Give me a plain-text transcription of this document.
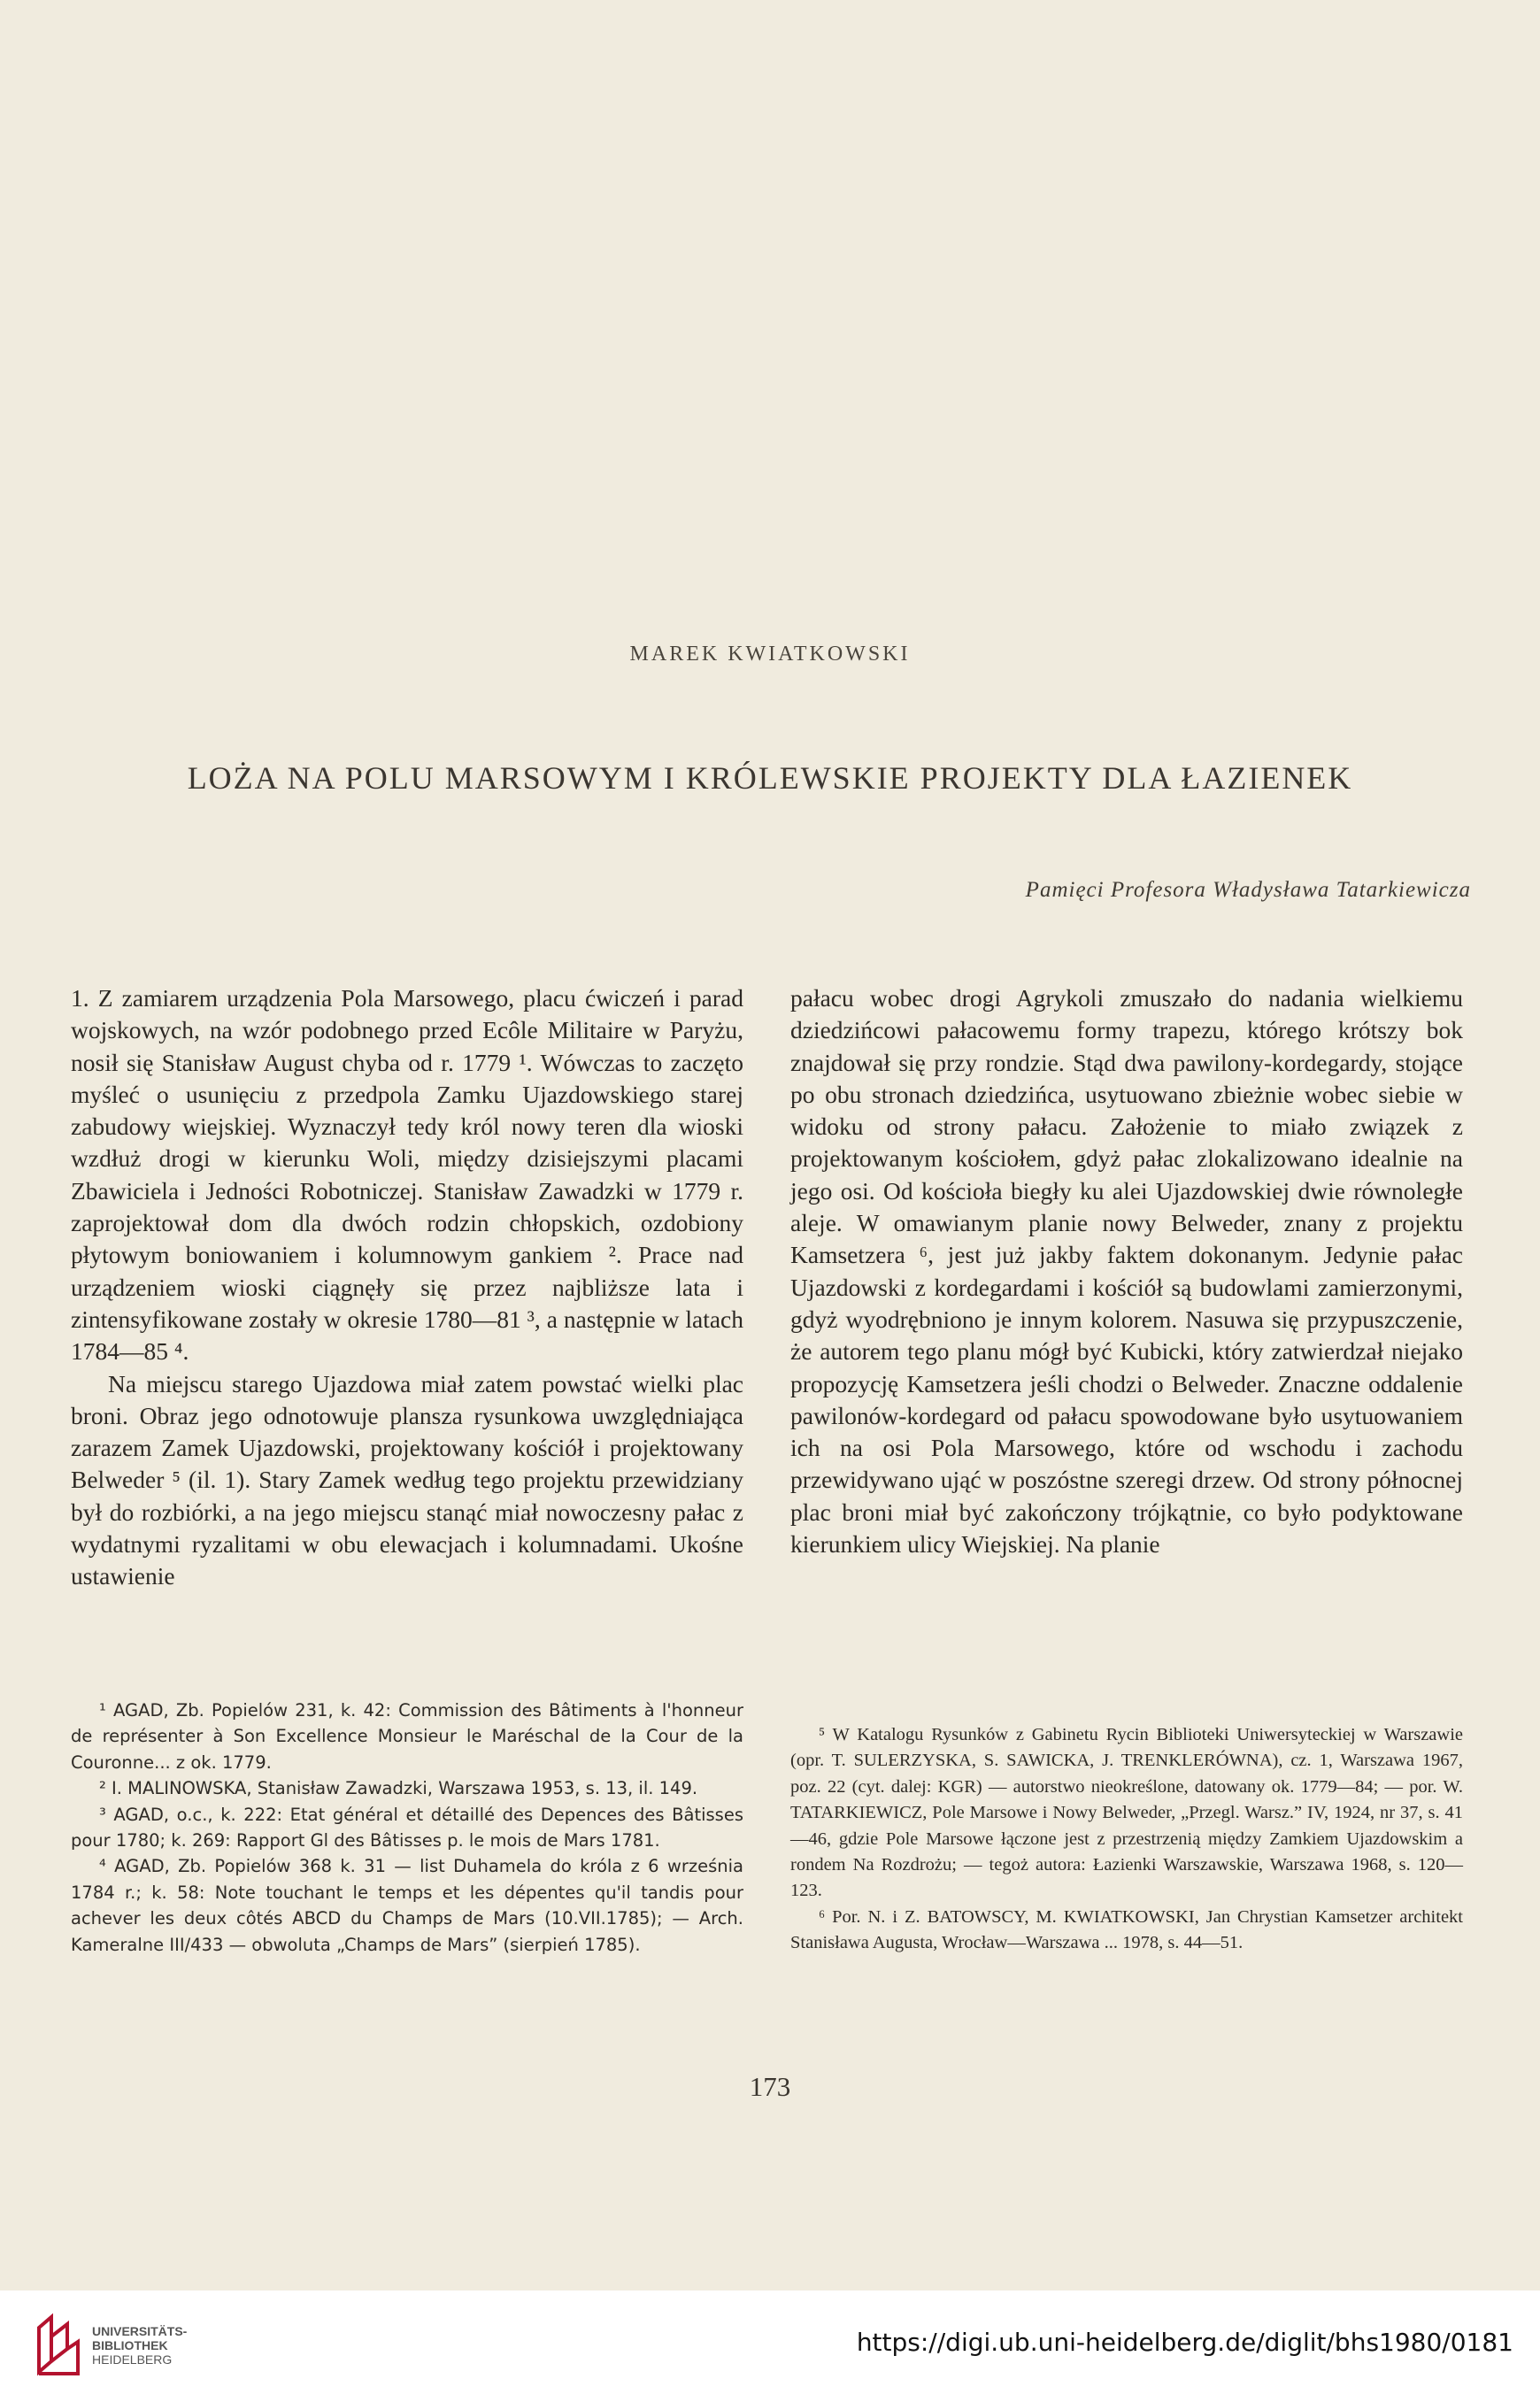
MAREK KWIATKOWSKI
LOŻA NA POLU MARSOWYM I KRÓLEWSKIE PROJEKTY DLA ŁAZIENEK
Pamięci Profesora Władysława Tatarkiewicza

1. Z zamiarem urządzenia Pola Marsowego, placu ćwiczeń i parad wojskowych, na wzór podobnego przed Ecôle Militaire w Paryżu, nosił się Stanisław August chyba od r. 1779 ¹. Wówczas to zaczęto myśleć o usunięciu z przedpola Zamku Ujazdowskiego starej zabudowy wiejskiej. Wyznaczył tedy król nowy teren dla wioski wzdłuż drogi w kierunku Woli, między dzisiejszymi placami Zbawiciela i Jedności Robotniczej. Stanisław Zawadzki w 1779 r. zaprojektował dom dla dwóch rodzin chłopskich, ozdobiony płytowym boniowaniem i kolumnowym gankiem ². Prace nad urządzeniem wioski ciągnęły się przez najbliższe lata i zintensyfikowane zostały w okresie 1780—81 ³, a następnie w latach 1784—85 ⁴.

Na miejscu starego Ujazdowa miał zatem powstać wielki plac broni. Obraz jego odnotowuje plansza rysunkowa uwzględniająca zarazem Zamek Ujazdowski, projektowany kościół i projektowany Belweder ⁵ (il. 1). Stary Zamek według tego projektu przewidziany był do rozbiórki, a na jego miejscu stanąć miał nowoczesny pałac z wydatnymi ryzalitami w obu elewacjach i kolumnadami. Ukośne ustawienie

pałacu wobec drogi Agrykoli zmuszało do nadania wielkiemu dziedzińcowi pałacowemu formy trapezu, którego krótszy bok znajdował się przy rondzie. Stąd dwa pawilony-kordegardy, stojące po obu stronach dziedzińca, usytuowano zbieżnie wobec siebie w widoku od strony pałacu. Założenie to miało związek z projektowanym kościołem, gdyż pałac zlokalizowano idealnie na jego osi. Od kościoła biegły ku alei Ujazdowskiej dwie równoległe aleje. W omawianym planie nowy Belweder, znany z projektu Kamsetzera ⁶, jest już jakby faktem dokonanym. Jedynie pałac Ujazdowski z kordegardami i kościół są budowlami zamierzonymi, gdyż wyodrębniono je innym kolorem. Nasuwa się przypuszczenie, że autorem tego planu mógł być Kubicki, który zatwierdzał niejako propozycję Kamsetzera jeśli chodzi o Belweder. Znaczne oddalenie pawilonów-kordegard od pałacu spowodowane było usytuowaniem ich na osi Pola Marsowego, które od wschodu i zachodu przewidywano ująć w poszóstne szeregi drzew. Od strony północnej plac broni miał być zakończony trójkątnie, co było podyktowane kierunkiem ulicy Wiejskiej. Na planie

¹ AGAD, Zb. Popielów 231, k. 42: Commission des Bâtiments à l'honneur de représenter à Son Excellence Monsieur le Maréschal de la Cour de la Couronne... z ok. 1779.

² I. MALINOWSKA, Stanisław Zawadzki, Warszawa 1953, s. 13, il. 149.

³ AGAD, o.c., k. 222: Etat général et détaillé des Depences des Bâtisses pour 1780; k. 269: Rapport Gl des Bâtisses p. le mois de Mars 1781.

⁴ AGAD, Zb. Popielów 368 k. 31 — list Duhamela do króla z 6 września 1784 r.; k. 58: Note touchant le temps et les dépentes qu'il tandis pour achever les deux côtés ABCD du Champs de Mars (10.VII.1785); — Arch. Kameralne III/433 — obwoluta „Champs de Mars” (sierpień 1785).

⁵ W Katalogu Rysunków z Gabinetu Rycin Biblioteki Uniwersyteckiej w Warszawie (opr. T. SULERZYSKA, S. SAWICKA, J. TRENKLERÓWNA), cz. 1, Warszawa 1967, poz. 22 (cyt. dalej: KGR) — autorstwo nieokreślone, datowany ok. 1779—84; — por. W. TATARKIEWICZ, Pole Marsowe i Nowy Belweder, „Przegl. Warsz.” IV, 1924, nr 37, s. 41—46, gdzie Pole Marsowe łączone jest z przestrzenią między Zamkiem Ujazdowskim a rondem Na Rozdrożu; — tegoż autora: Łazienki Warszawskie, Warszawa 1968, s. 120—123.

⁶ Por. N. i Z. BATOWSCY, M. KWIATKOWSKI, Jan Chrystian Kamsetzer architekt Stanisława Augusta, Wrocław—Warszawa ... 1978, s. 44—51.

173
UNIVERSITÄTS-
BIBLIOTHEK
HEIDELBERG
https://digi.ub.uni-heidelberg.de/diglit/bhs1980/0181
